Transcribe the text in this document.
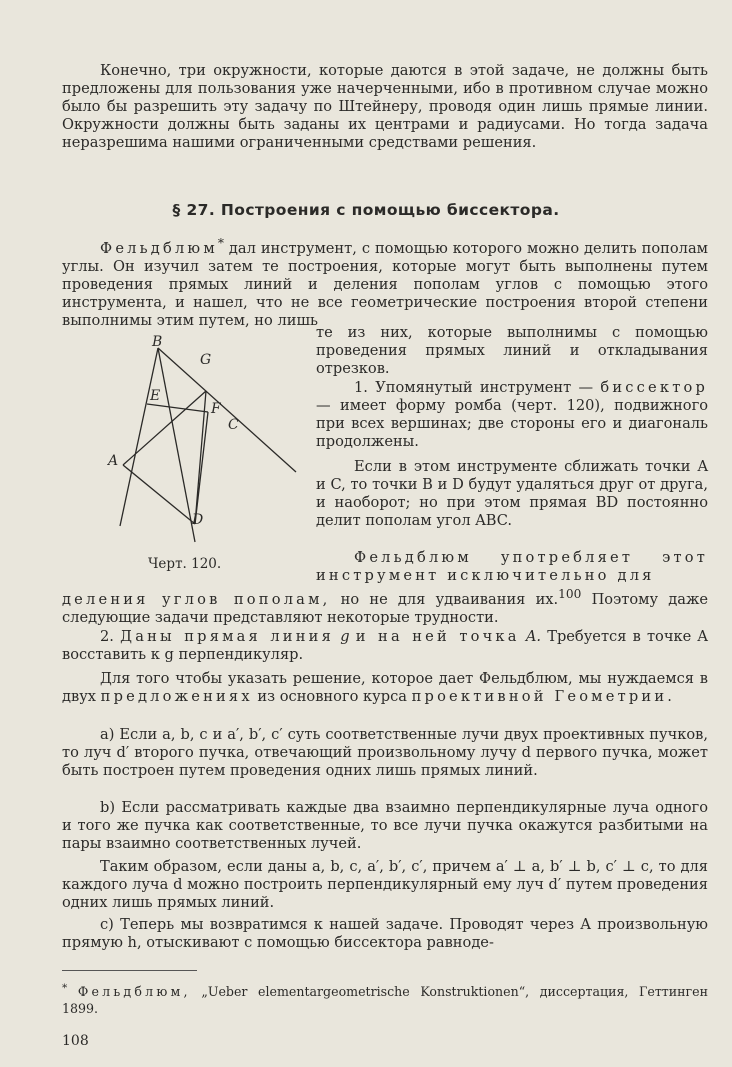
Конечно, три окружности, которые даются в этой задаче, не должны быть предложены для пользования уже начерченными, ибо в противном случае можно было бы разрешить эту задачу по Штейнеру, проводя один лишь прямые линии. Окружности должны быть заданы их центрами и радиусами. Но тогда задача неразрешима нашими ограниченными средствами решения.

§ 27. Построения с помощью биссектора.

Фельдблюм* дал инструмент, с помощью которого можно делить пополам углы. Он изучил затем те построения, которые могут быть выполнены путем проведения прямых линий и деления пополам углов с помощью этого инструмента, и нашел, что не все геометрические построения второй степени выполнимы этим путем, но лишь

те из них, которые выполнимы с помощью проведения прямых линий и откладывания отрезков.

1. Упомянутый инструмент — биссектор — имеет форму ромба (черт. 120), подвижного при всех вершинах; две стороны его и диагональ продолжены.

Если в этом инструменте сближать точки A и C, то точки B и D будут удаляться друг от друга, и наоборот; но при этом прямая BD постоянно делит пополам угол ABC.

Фельдблюм употребляет этот инструмент исключительно для

деления углов пополам, но не для удваивания их.$^{100}$ Поэтому даже следующие задачи представляют некоторые трудности.

2. Даны прямая линия g и на ней точка A. Требуется в точке A восставить к g перпендикуляр.

Для того чтобы указать решение, которое дает Фельдблюм, мы нуждаемся в двух предложениях из основного курса проективной Геометрии.

a) Если a, b, c и a′, b′, c′ суть соответственные лучи двух проективных пучков, то луч d′ второго пучка, отвечающий произвольному лучу d первого пучка, может быть построен путем проведения одних лишь прямых линий.

b) Если рассматривать каждые два взаимно перпендикулярные луча одного и того же пучка как соответственные, то все лучи пучка окажутся разбитыми на пары взаимно соответственных лучей.

Таким образом, если даны a, b, c, a′, b′, c′, причем a′ ⊥ a, b′ ⊥ b, c′ ⊥ c, то для каждого луча d можно построить перпендикулярный ему луч d′ путем проведения одних лишь прямых линий.

c) Теперь мы возвратимся к нашей задаче. Проводят через A произвольную прямую h, отыскивают с помощью биссектора равноде-

B
G
E
F
C
A
D
Черт. 120.
* Фельдблюм, „Ueber elementargeometrische Konstruktionen“, диссертация, Геттинген 1899.
108
